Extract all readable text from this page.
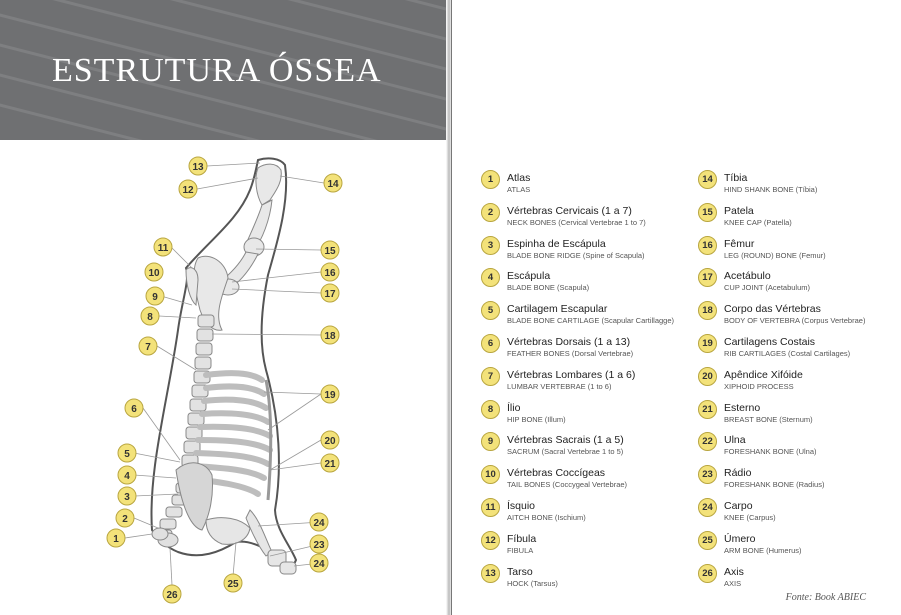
ESTRUTURA ÓSSEA
13
12
14
11	15
10	16
9	17
8
18
7
19
6
20
5
21
4
3
2	24
1
23
24
25
26
1	Atlas
ATLAS
2	Vértebras Cervicais (1 a 7)
NECK BONES (Cervical Vertebrae 1 to 7)
3	Espinha de Escápula
BLADE BONE RIDGE (Spine of Scapula)
4	Escápula
BLADE BONE (Scapula)
5	Cartilagem Escapular
BLADE BONE CARTILAGE (Scapular Cartillagge)
6	Vértebras Dorsais (1 a 13)
FEATHER BONES (Dorsal Vertebrae)
7	Vértebras Lombares (1 a 6)
LUMBAR VERTEBRAE (1 to 6)
8	Ílio
HIP BONE (Illum)
9	Vértebras Sacrais (1 a 5)
SACRUM (Sacral Vertebrae 1 to 5)
10	Vértebras Coccígeas
TAIL BONES (Coccygeal Vertebrae)
11	Ísquio
AITCH BONE (Ischium)
12	Fíbula
FIBULA
13	Tarso
HOCK (Tarsus)
14	Tíbia
HIND SHANK BONE (Tíbia)
15	Patela
KNEE CAP (Patella)
16	Fêmur
LEG (ROUND) BONE (Femur)
17	Acetábulo
CUP JOINT (Acetabulum)
18	Corpo das Vértebras
BODY OF VERTEBRA (Corpus Vertebrae)
19	Cartilagens Costais
RIB CARTILAGES (Costal Cartilages)
20	Apêndice Xifóide
XIPHOID PROCESS
21	Esterno
BREAST BONE (Sternum)
22	Ulna
FORESHANK BONE (Ulna)
23	Rádio
FORESHANK BONE (Radius)
24	Carpo
KNEE (Carpus)
25	Úmero
ARM BONE (Humerus)
26	Axis
AXIS
Fonte: Book ABIEC
